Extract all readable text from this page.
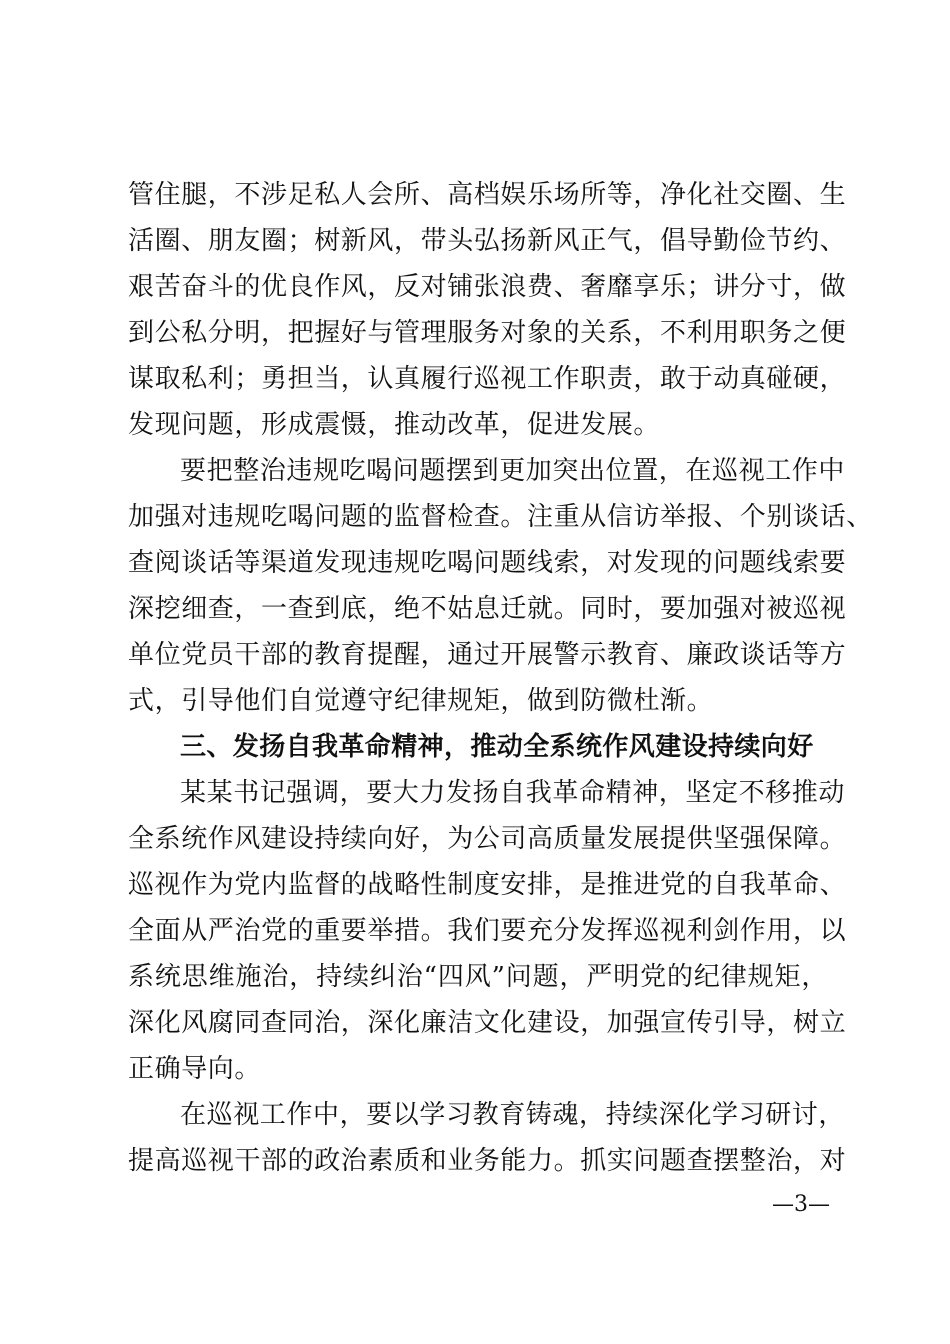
管住腿，不涉足私人会所、高档娱乐场所等，净化社交圈、生
活圈、朋友圈；树新风，带头弘扬新风正气，倡导勤俭节约、
艰苦奋斗的优良作风，反对铺张浪费、奢靡享乐；讲分寸，做
到公私分明，把握好与管理服务对象的关系，不利用职务之便
谋取私利；勇担当，认真履行巡视工作职责，敢于动真碰硬，
发现问题，形成震慑，推动改革，促进发展。
要把整治违规吃喝问题摆到更加突出位置，在巡视工作中
加强对违规吃喝问题的监督检查。注重从信访举报、个别谈话、
查阅谈话等渠道发现违规吃喝问题线索，对发现的问题线索要
深挖细查，一查到底，绝不姑息迁就。同时，要加强对被巡视
单位党员干部的教育提醒，通过开展警示教育、廉政谈话等方
式，引导他们自觉遵守纪律规矩，做到防微杜渐。
三、发扬自我革命精神，推动全系统作风建设持续向好
某某书记强调，要大力发扬自我革命精神，坚定不移推动
全系统作风建设持续向好，为公司高质量发展提供坚强保障。
巡视作为党内监督的战略性制度安排，是推进党的自我革命、
全面从严治党的重要举措。我们要充分发挥巡视利剑作用，以
系统思维施治，持续纠治“四风”问题，严明党的纪律规矩，
深化风腐同查同治，深化廉洁文化建设，加强宣传引导，树立
正确导向。
在巡视工作中，要以学习教育铸魂，持续深化学习研讨，
提高巡视干部的政治素质和业务能力。抓实问题查摆整治，对
—3—
